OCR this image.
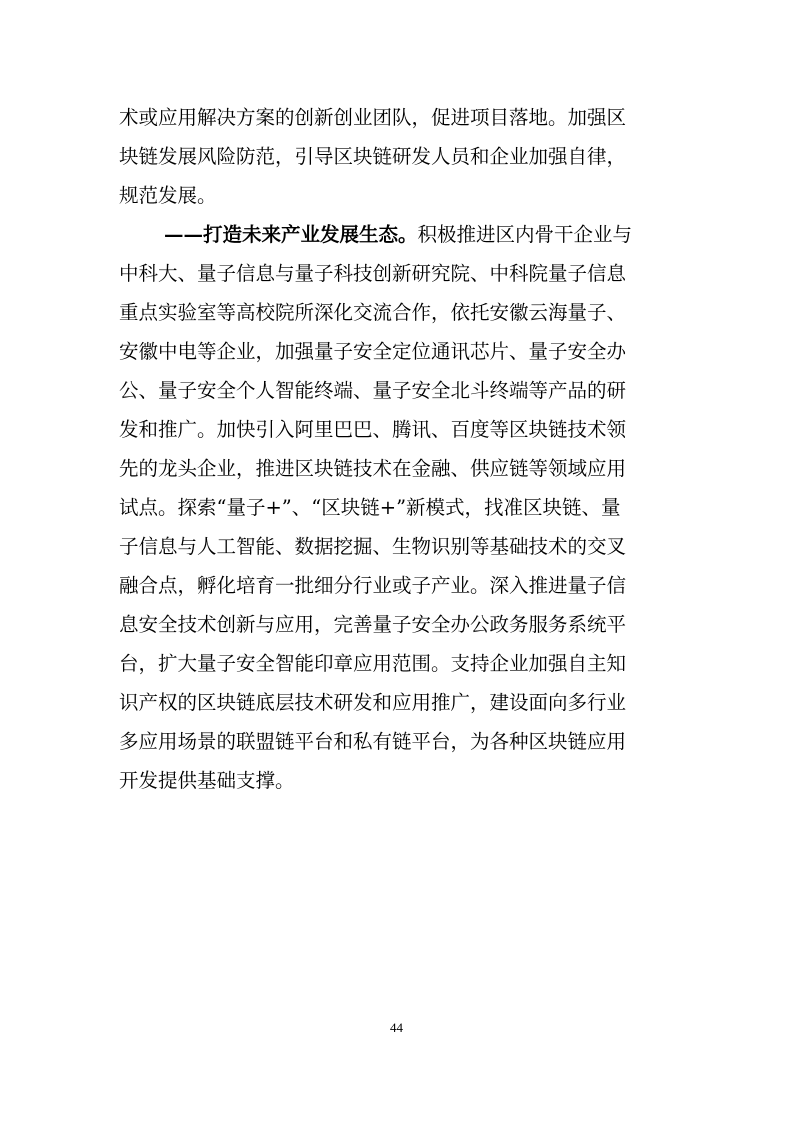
术或应用解决方案的创新创业团队，促进项目落地。加强区
块链发展风险防范，引导区块链研发人员和企业加强自律，
规范发展。
——打造未来产业发展生态。积极推进区内骨干企业与
中科大、量子信息与量子科技创新研究院、中科院量子信息
重点实验室等高校院所深化交流合作，依托安徽云海量子、
安徽中电等企业，加强量子安全定位通讯芯片、量子安全办
公、量子安全个人智能终端、量子安全北斗终端等产品的研
发和推广。加快引入阿里巴巴、腾讯、百度等区块链技术领
先的龙头企业，推进区块链技术在金融、供应链等领域应用
试点。探索“量子+”、“区块链+”新模式，找准区块链、量
子信息与人工智能、数据挖掘、生物识别等基础技术的交叉
融合点，孵化培育一批细分行业或子产业。深入推进量子信
息安全技术创新与应用，完善量子安全办公政务服务系统平
台，扩大量子安全智能印章应用范围。支持企业加强自主知
识产权的区块链底层技术研发和应用推广，建设面向多行业
多应用场景的联盟链平台和私有链平台，为各种区块链应用
开发提供基础支撑。
44
